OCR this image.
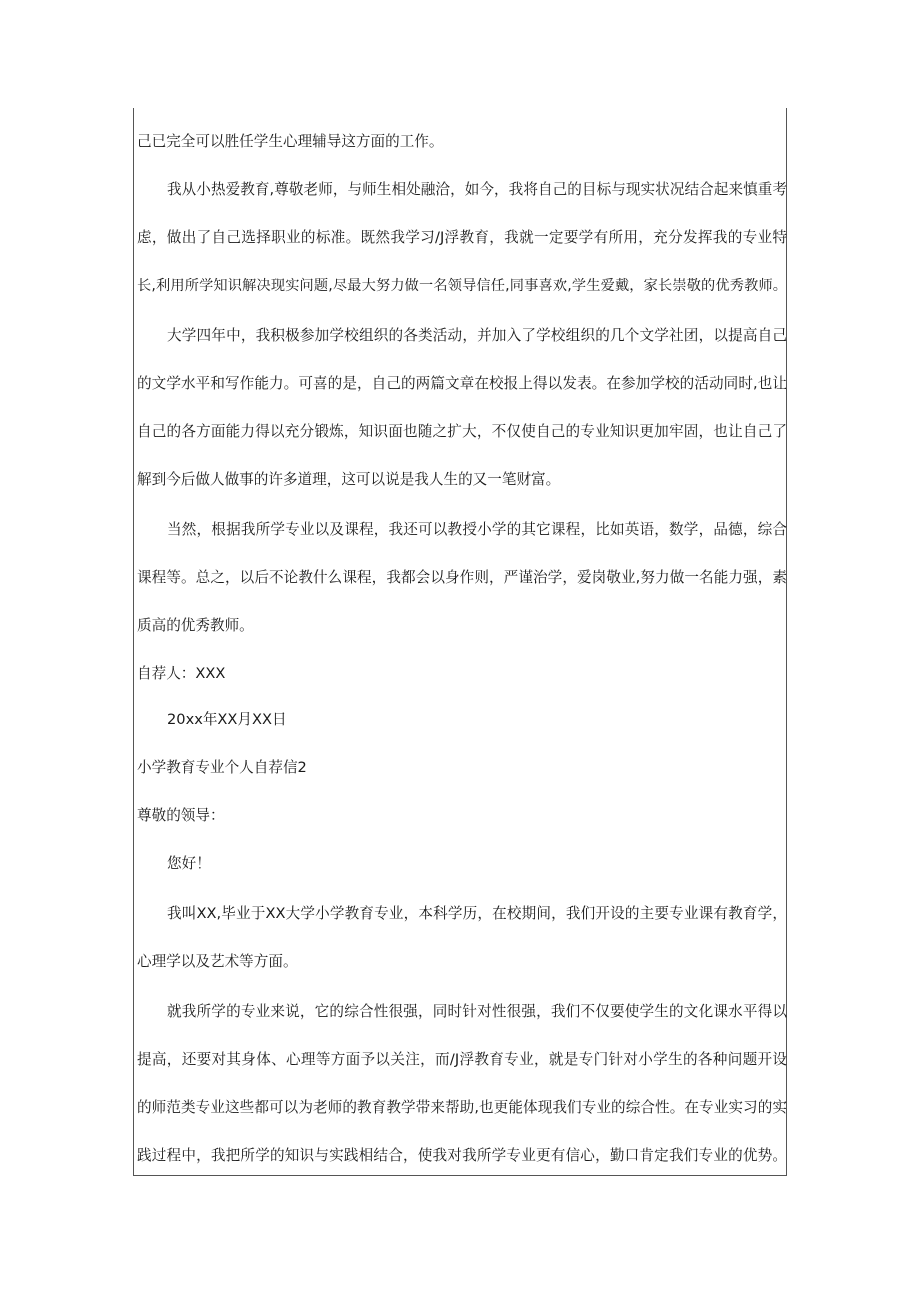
己已完全可以胜任学生心理辅导这方面的工作。
我从小热爱教育,尊敬老师，与师生相处融洽，如今，我将自己的目标与现实状况结合起来慎重考
虑，做出了自己选择职业的标准。既然我学习/J浮教育，我就一定要学有所用，充分发挥我的专业特
长,利用所学知识解决现实问题,尽最大努力做一名领导信任,同事喜欢,学生爱戴，家长崇敬的优秀教师。
大学四年中，我积极参加学校组织的各类活动，并加入了学校组织的几个文学社团，以提高自己
的文学水平和写作能力。可喜的是，自己的两篇文章在校报上得以发表。在参加学校的活动同时,也让
自己的各方面能力得以充分锻炼，知识面也随之扩大，不仅使自己的专业知识更加牢固，也让自己了
解到今后做人做事的许多道理，这可以说是我人生的又一笔财富。
当然，根据我所学专业以及课程，我还可以教授小学的其它课程，比如英语，数学，品德，综合
课程等。总之，以后不论教什么课程，我都会以身作则，严谨治学，爱岗敬业,努力做一名能力强，素
质高的优秀教师。
自荐人：XXX
20xx年XX月XX日
小学教育专业个人自荐信2
尊敬的领导：
您好！
我叫XX,毕业于XX大学小学教育专业，本科学历，在校期间，我们开设的主要专业课有教育学，
心理学以及艺术等方面。
就我所学的专业来说，它的综合性很强，同时针对性很强，我们不仅要使学生的文化课水平得以
提高，还要对其身体、心理等方面予以关注，而/J浮教育专业，就是专门针对小学生的各种问题开设
的师范类专业这些都可以为老师的教育教学带来帮助,也更能体现我们专业的综合性。在专业实习的实
践过程中，我把所学的知识与实践相结合，使我对我所学专业更有信心，勤口肯定我们专业的优势。
